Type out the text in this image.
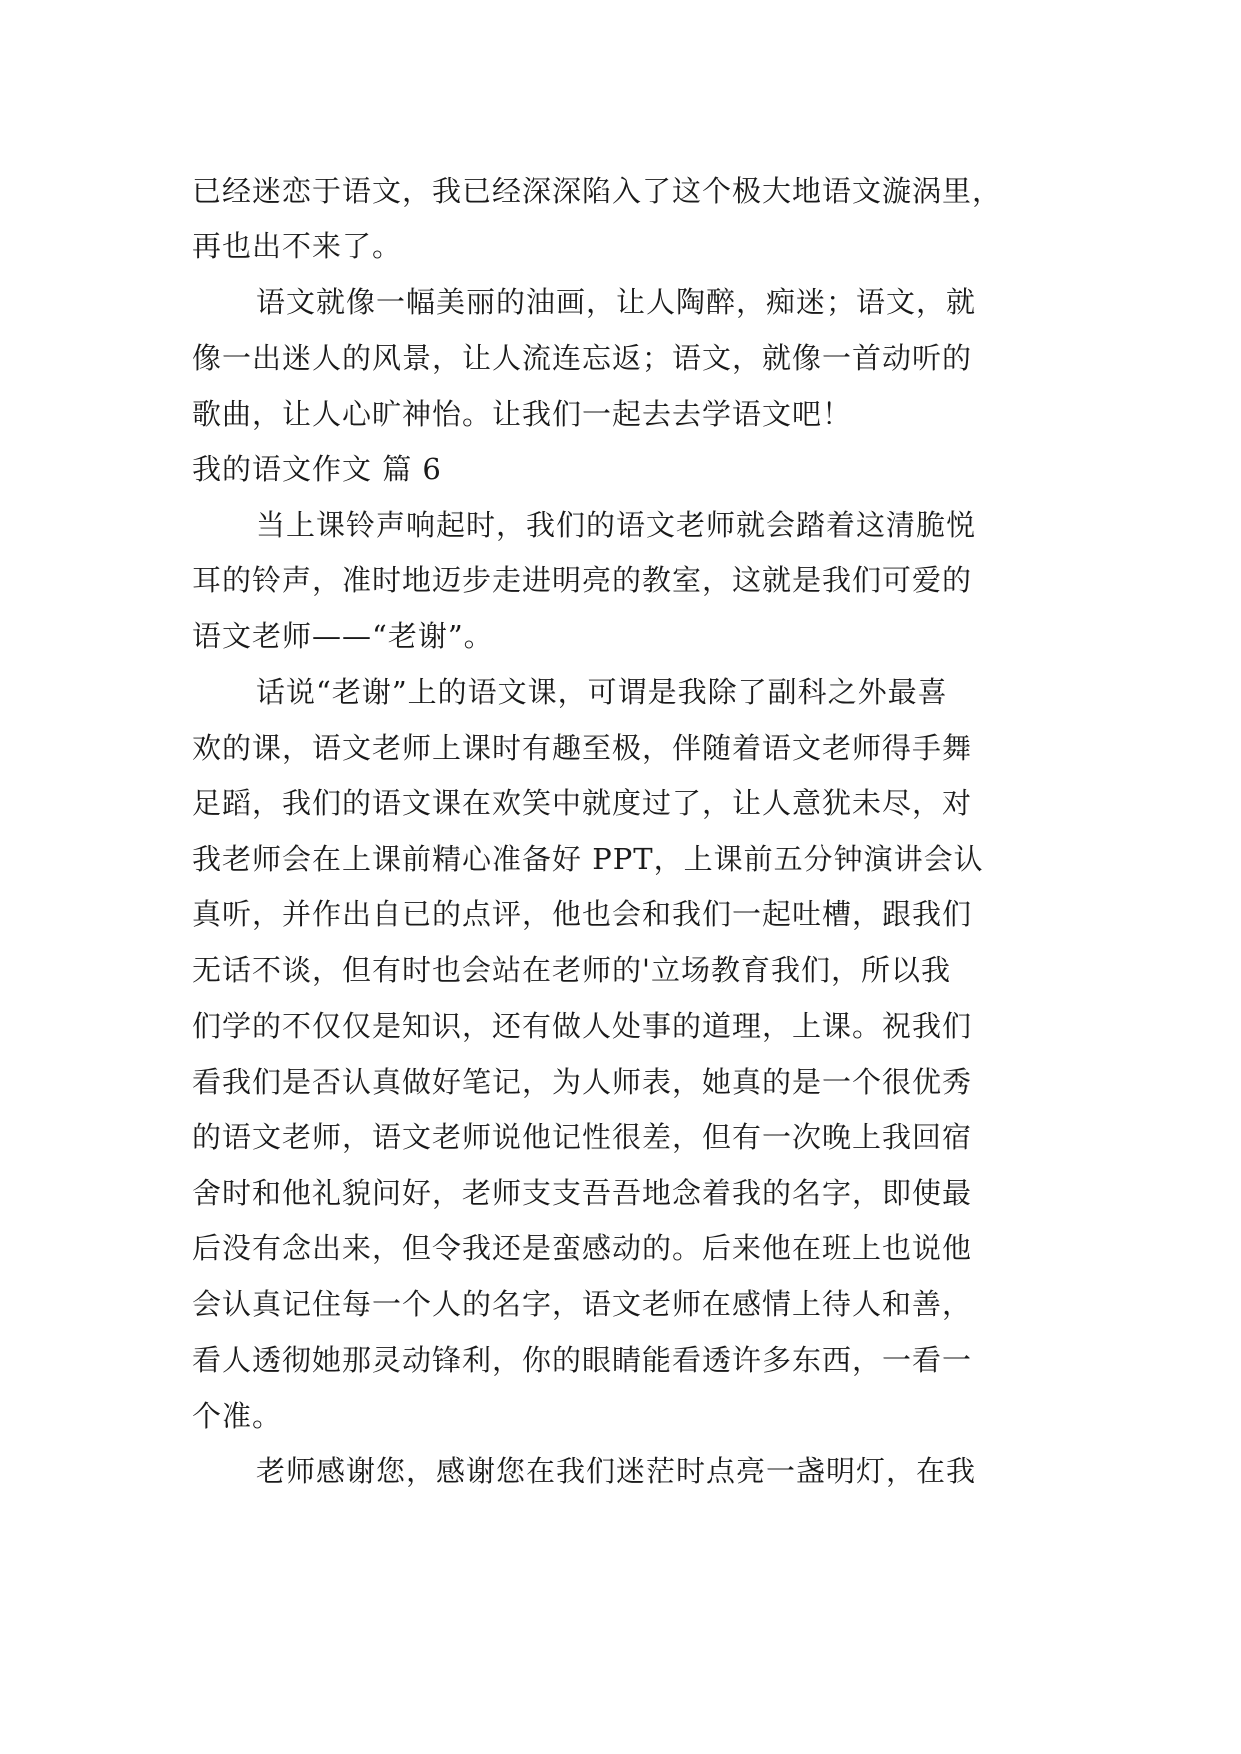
已经迷恋于语文，我已经深深陷入了这个极大地语文漩涡里，
再也出不来了。
语文就像一幅美丽的油画，让人陶醉，痴迷；语文，就
像一出迷人的风景，让人流连忘返；语文，就像一首动听的
歌曲，让人心旷神怡。让我们一起去去学语文吧！
我的语文作文 篇 6
当上课铃声响起时，我们的语文老师就会踏着这清脆悦
耳的铃声，准时地迈步走进明亮的教室，这就是我们可爱的
语文老师——“老谢”。
话说“老谢”上的语文课，可谓是我除了副科之外最喜
欢的课，语文老师上课时有趣至极，伴随着语文老师得手舞
足蹈，我们的语文课在欢笑中就度过了，让人意犹未尽，对
我老师会在上课前精心准备好 PPT，上课前五分钟演讲会认
真听，并作出自已的点评，他也会和我们一起吐槽，跟我们
无话不谈，但有时也会站在老师的'立场教育我们，所以我
们学的不仅仅是知识，还有做人处事的道理，上课。祝我们
看我们是否认真做好笔记，为人师表，她真的是一个很优秀
的语文老师，语文老师说他记性很差，但有一次晚上我回宿
舍时和他礼貌问好，老师支支吾吾地念着我的名字，即使最
后没有念出来，但令我还是蛮感动的。后来他在班上也说他
会认真记住每一个人的名字，语文老师在感情上待人和善，
看人透彻她那灵动锋利，你的眼睛能看透许多东西，一看一
个准。
老师感谢您，感谢您在我们迷茫时点亮一盏明灯，在我
